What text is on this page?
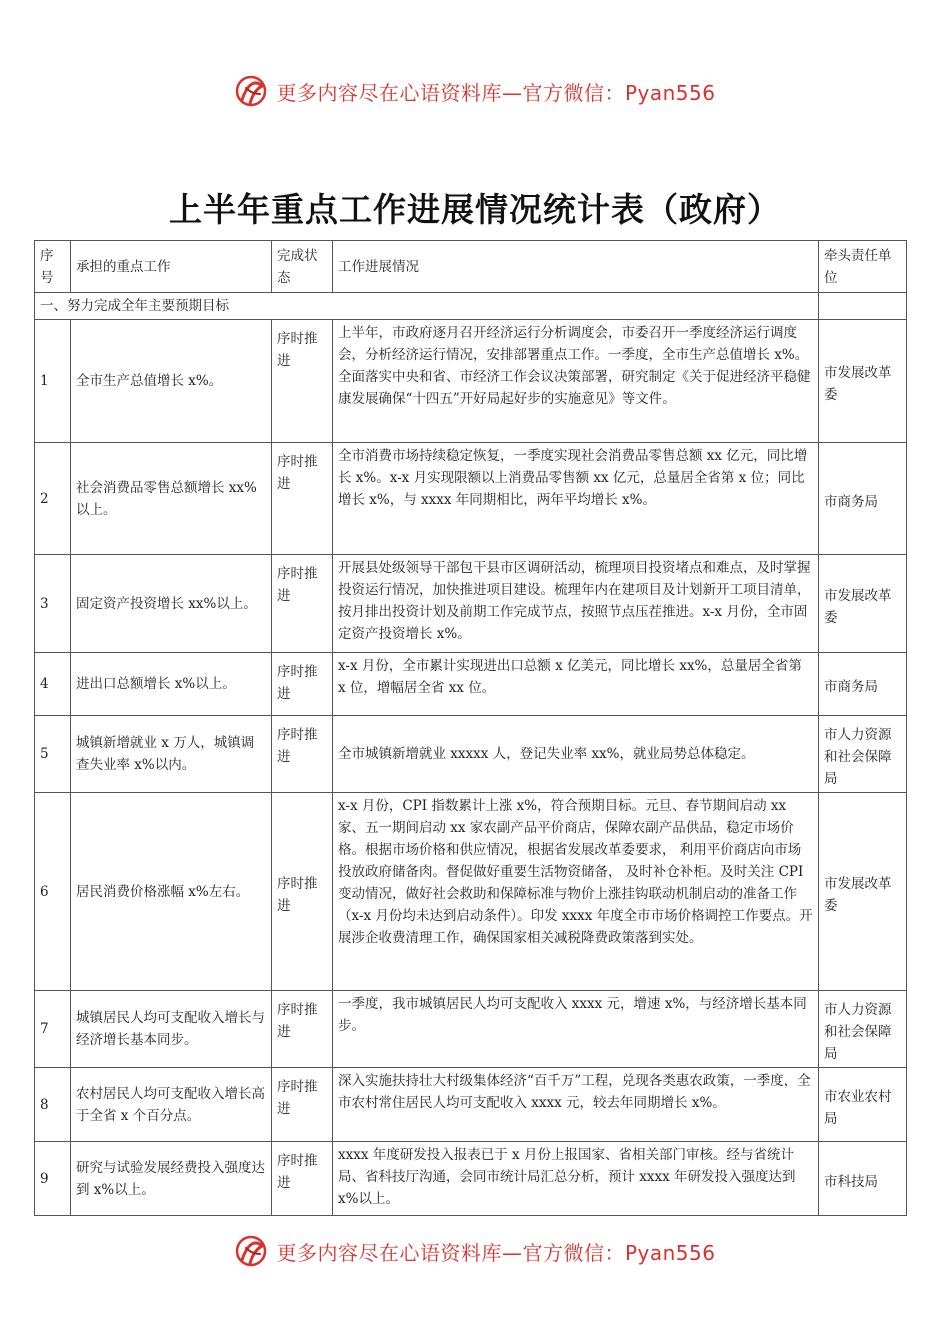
更多内容尽在心语资料库—官方微信：Pyan556
上半年重点工作进展情况统计表（政府）
序号	承担的重点工作	完成状态	工作进展情况	牵头责任单位
一、努力完成全年主要预期目标				
1	全市生产总值增长 x%。	序时推进	上半年，市政府逐月召开经济运行分析调度会，市委召开一季度经济运行调度会，分析经济运行情况，安排部署重点工作。一季度，全市生产总值增长 x%。全面落实中央和省、市经济工作会议决策部署，研究制定《关于促进经济平稳健康发展确保“十四五”开好局起好步的实施意见》等文件。	市发展改革委
2	社会消费品零售总额增长 xx%以上。	序时推进	全市消费市场持续稳定恢复，一季度实现社会消费品零售总额 xx 亿元，同比增长 x%。x-x 月实现限额以上消费品零售额 xx 亿元，总量居全省第 x 位；同比增长 x%，与 xxxx 年同期相比，两年平均增长 x%。	市商务局
3	固定资产投资增长 xx%以上。	序时推进	开展县处级领导干部包干县市区调研活动，梳理项目投资堵点和难点，及时掌握投资运行情况，加快推进项目建设。梳理年内在建项目及计划新开工项目清单，按月排出投资计划及前期工作完成节点，按照节点压茬推进。x-x 月份，全市固定资产投资增长 x%。	市发展改革委
4	进出口总额增长 x%以上。	序时推进	x-x 月份，全市累计实现进出口总额 x 亿美元，同比增长 xx%，总量居全省第 x 位，增幅居全省 xx 位。	市商务局
5	城镇新增就业 x 万人，城镇调查失业率 x%以内。	序时推进	全市城镇新增就业 xxxxx 人，登记失业率 xx%，就业局势总体稳定。	市人力资源和社会保障局
6	居民消费价格涨幅 x%左右。	序时推进	x-x 月份，CPI 指数累计上涨 x%，符合预期目标。元旦、春节期间启动 xx 家、五一期间启动 xx 家农副产品平价商店，保障农副产品供品，稳定市场价格。根据市场价格和供应情况，根据省发展改革委要求， 利用平价商店向市场投放政府储备肉。督促做好重要生活物资储备， 及时补仓补柜。及时关注 CPI 变动情况，做好社会救助和保障标准与物价上涨挂钩联动机制启动的准备工作（x-x 月份均未达到启动条件）。印发 xxxx 年度全市市场价格调控工作要点。开展涉企收费清理工作，确保国家相关减税降费政策落到实处。	市发展改革委
7	城镇居民人均可支配收入增长与经济增长基本同步。	序时推进	一季度，我市城镇居民人均可支配收入 xxxx 元，增速 x%，与经济增长基本同步。	市人力资源和社会保障局
8	农村居民人均可支配收入增长高于全省 x 个百分点。	序时推进	深入实施扶持壮大村级集体经济“百千万”工程，兑现各类惠农政策，一季度，全市农村常住居民人均可支配收入 xxxx 元，较去年同期增长 x%。	市农业农村局
9	研究与试验发展经费投入强度达到 x%以上。	序时推进	xxxx 年度研发投入报表已于 x 月份上报国家、省相关部门审核。经与省统计局、省科技厅沟通，会同市统计局汇总分析，预计 xxxx 年研发投入强度达到 x%以上。	市科技局
更多内容尽在心语资料库—官方微信：Pyan556
